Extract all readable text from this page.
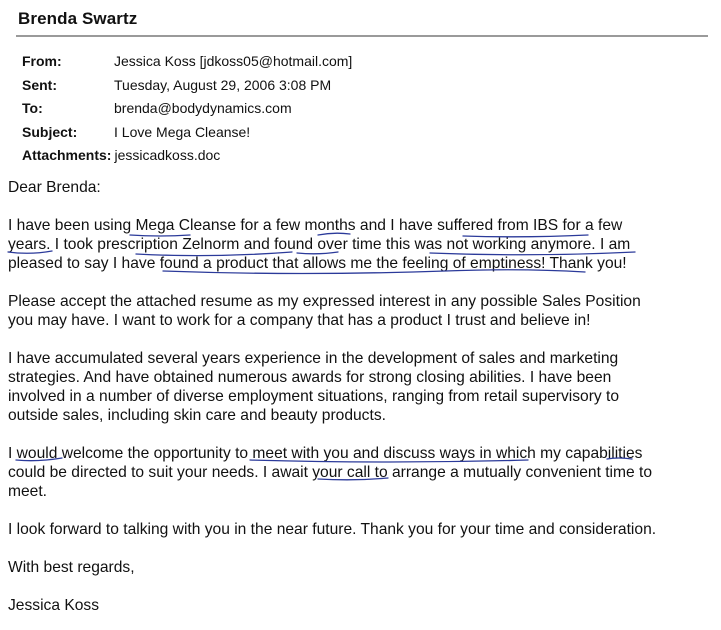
Brenda Swartz
From:	Jessica Koss [jdkoss05@hotmail.com]
Sent:	Tuesday, August 29, 2006 3:08 PM
To:	brenda@bodydynamics.com
Subject:	I Love Mega Cleanse!
Attachments: jessicadkoss.doc

Dear Brenda:

I have been using Mega Cleanse for a few months and I have suffered from IBS for a few

years. I took prescription Zelnorm and found over time this was not working anymore. I am

pleased to say I have found a product that allows me the feeling of emptiness! Thank you!

Please accept the attached resume as my expressed interest in any possible Sales Position

you may have. I want to work for a company that has a product I trust and believe in!

I have accumulated several years experience in the development of sales and marketing

strategies. And have obtained numerous awards for strong closing abilities. I have been

involved in a number of diverse employment situations, ranging from retail supervisory to

outside sales, including skin care and beauty products.

I would welcome the opportunity to meet with you and discuss ways in which my capabilities

could be directed to suit your needs. I await your call to arrange a mutually convenient time to

meet.

I look forward to talking with you in the near future. Thank you for your time and consideration.

With best regards,

Jessica Koss
